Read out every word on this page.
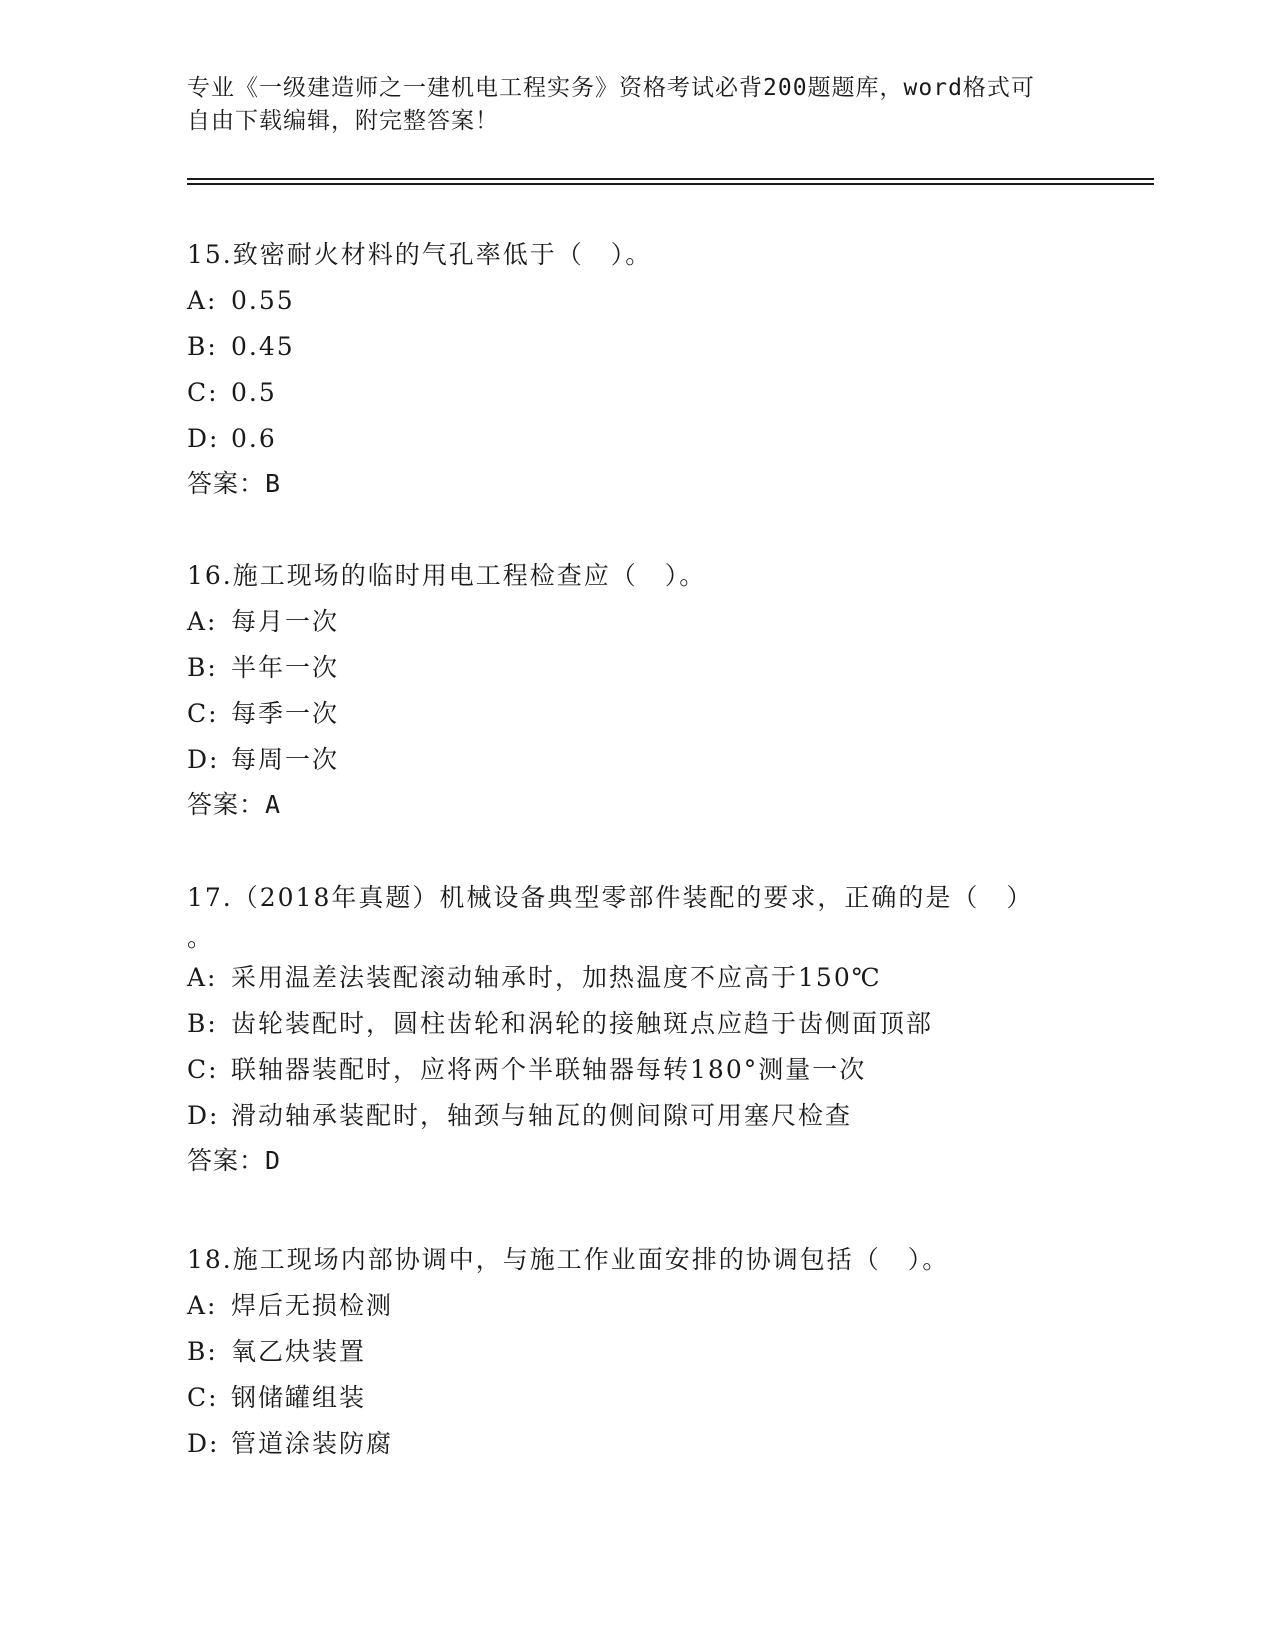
专业《一级建造师之一建机电工程实务》资格考试必背200题题库，word格式可
自由下载编辑，附完整答案！
15.致密耐火材料的气孔率低于（　）。
A: 0.55
B: 0.45
C: 0.5
D: 0.6
答案：B
16.施工现场的临时用电工程检查应（　）。
A: 每月一次
B: 半年一次
C: 每季一次
D: 每周一次
答案：A
17.（2018年真题）机械设备典型零部件装配的要求，正确的是（　）
。
A: 采用温差法装配滚动轴承时，加热温度不应高于150℃
B: 齿轮装配时，圆柱齿轮和涡轮的接触斑点应趋于齿侧面顶部
C: 联轴器装配时，应将两个半联轴器每转180°测量一次
D: 滑动轴承装配时，轴颈与轴瓦的侧间隙可用塞尺检查
答案：D
18.施工现场内部协调中，与施工作业面安排的协调包括（　）。
A: 焊后无损检测
B: 氧乙炔装置
C: 钢储罐组装
D: 管道涂装防腐
